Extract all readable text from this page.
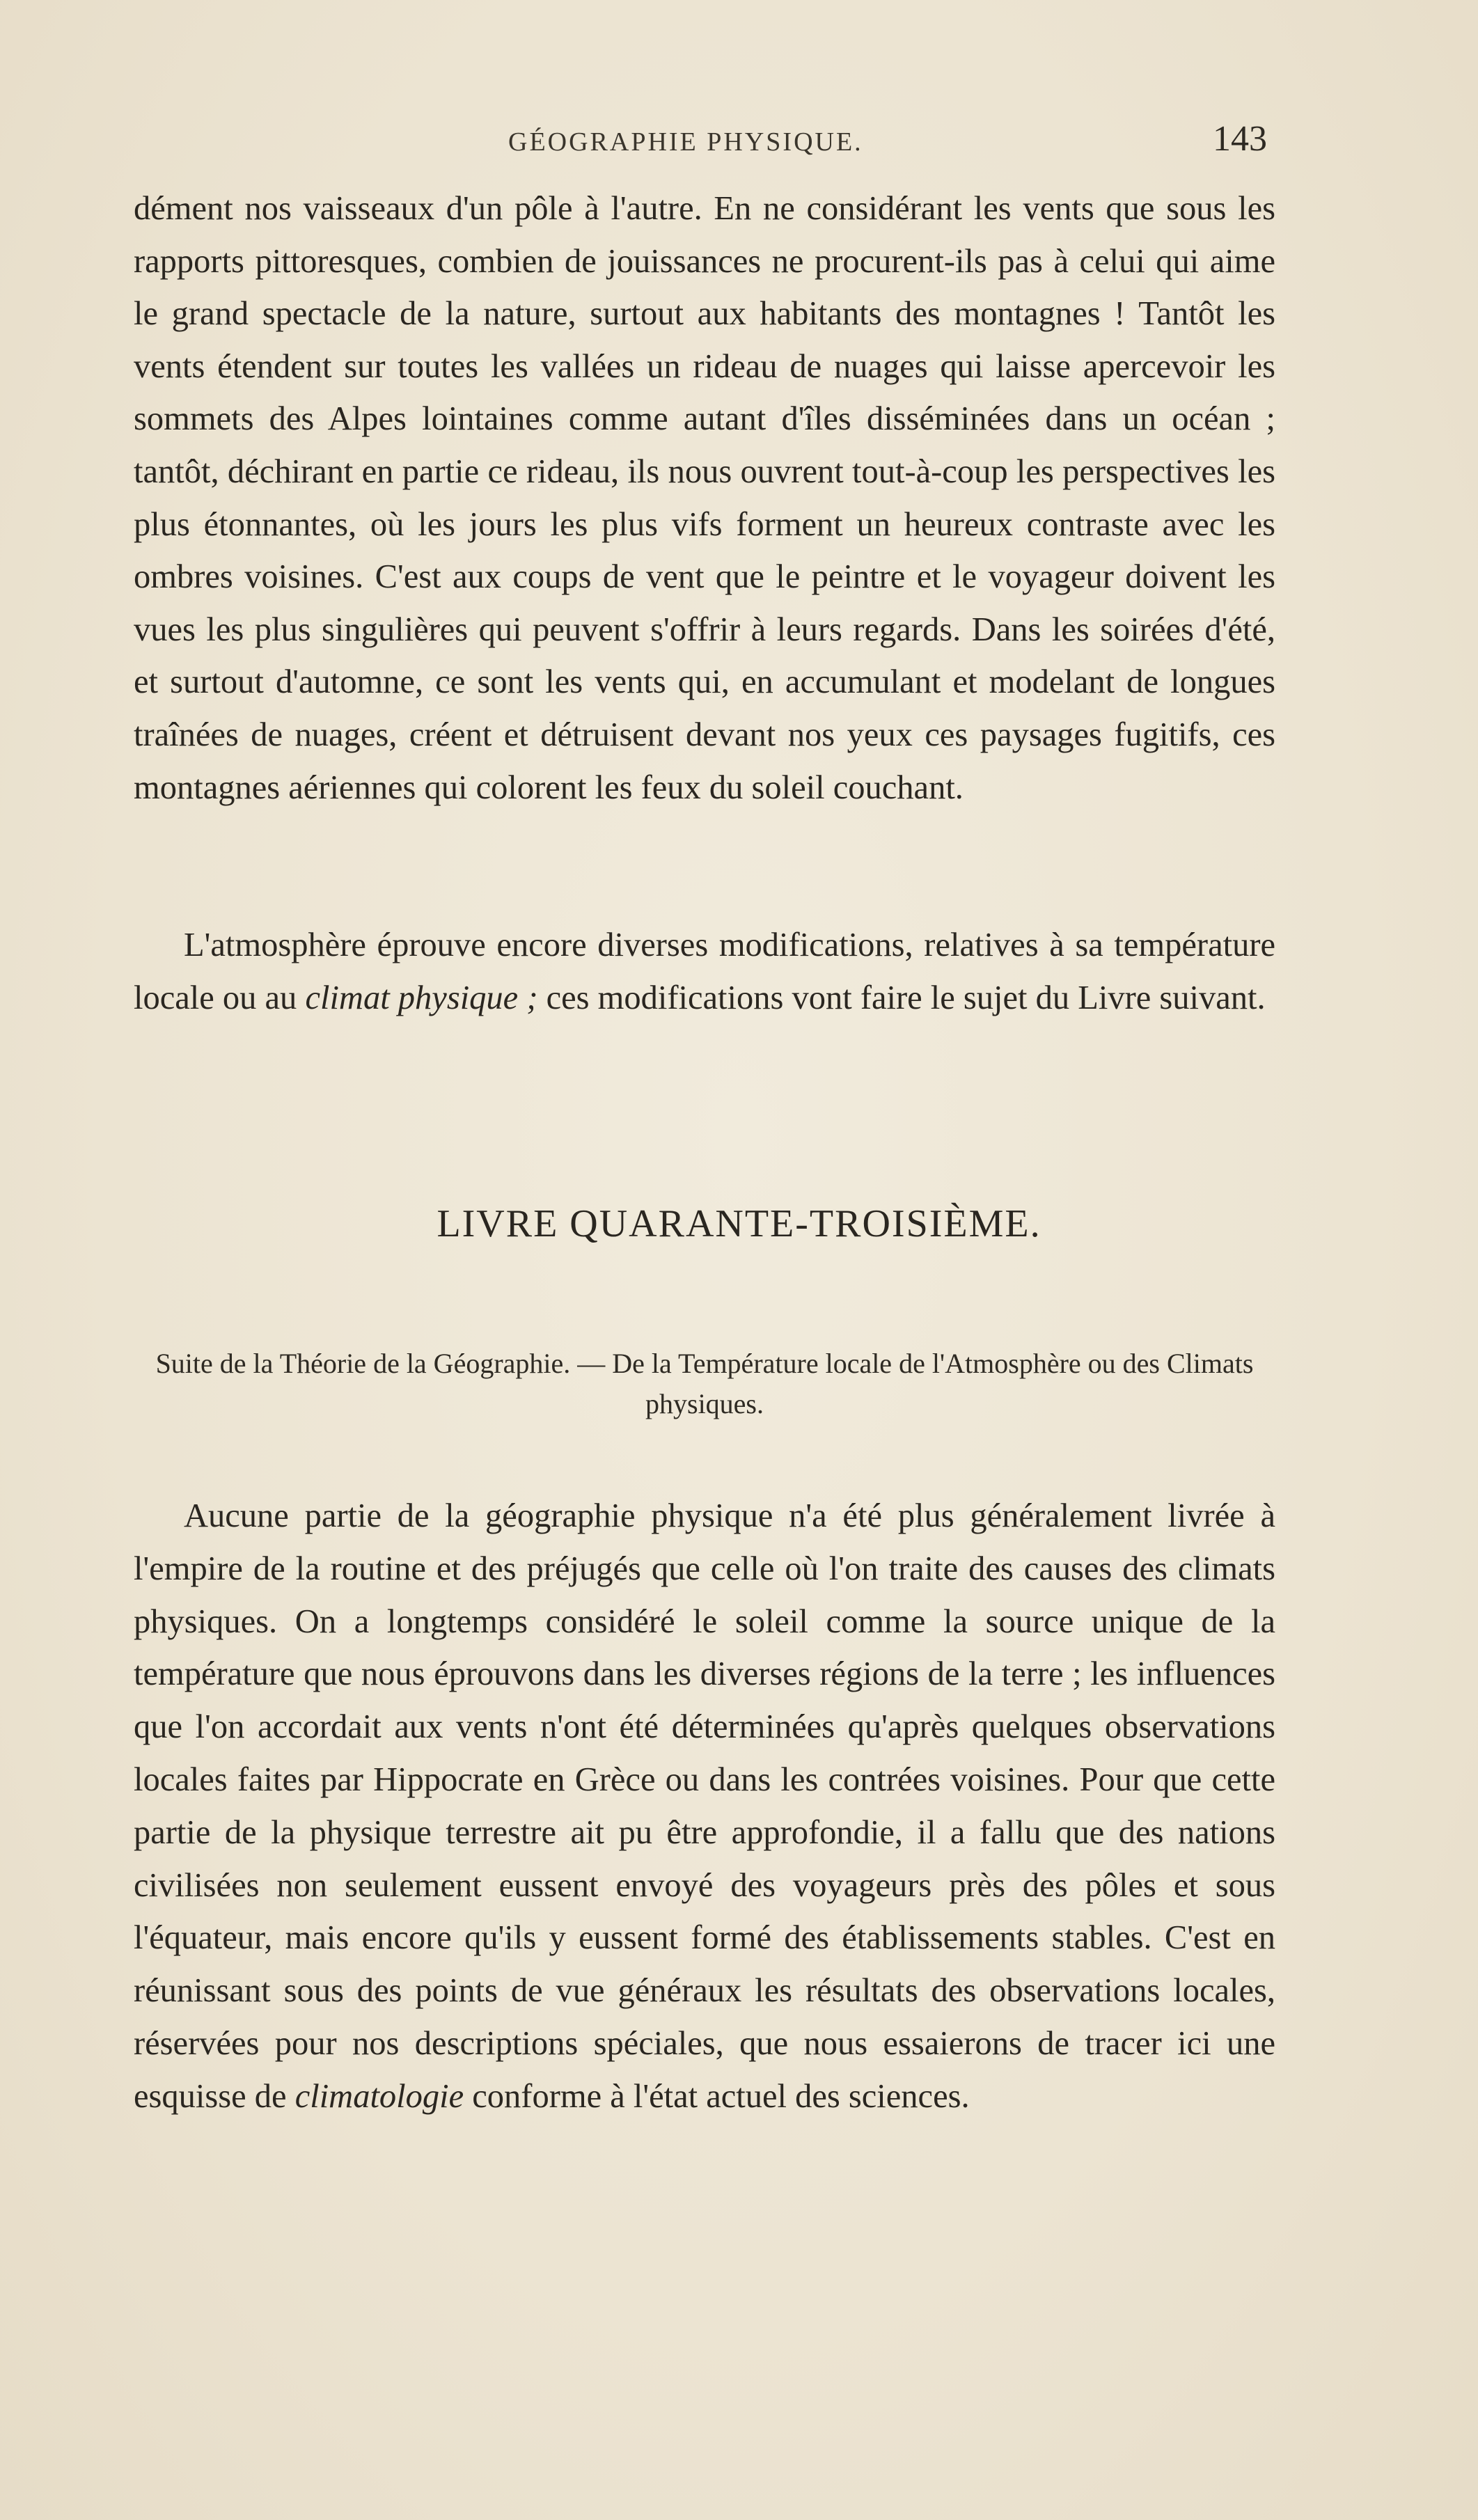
GÉOGRAPHIE PHYSIQUE.	143

dément nos vaisseaux d'un pôle à l'autre. En ne considérant les vents que sous les rapports pittoresques, combien de jouissances ne procurent-ils pas à celui qui aime le grand spectacle de la nature, surtout aux habitants des montagnes ! Tantôt les vents étendent sur toutes les vallées un rideau de nuages qui laisse apercevoir les sommets des Alpes lointaines comme autant d'îles disséminées dans un océan ; tantôt, déchirant en partie ce rideau, ils nous ouvrent tout-à-coup les perspectives les plus étonnantes, où les jours les plus vifs forment un heureux contraste avec les ombres voisines. C'est aux coups de vent que le peintre et le voyageur doivent les vues les plus singulières qui peuvent s'offrir à leurs regards. Dans les soirées d'été, et surtout d'automne, ce sont les vents qui, en accumulant et modelant de longues traînées de nuages, créent et détruisent devant nos yeux ces paysages fugitifs, ces montagnes aériennes qui colorent les feux du soleil couchant.

L'atmosphère éprouve encore diverses modifications, relatives à sa température locale ou au climat physique ; ces modifications vont faire le sujet du Livre suivant.

LIVRE QUARANTE-TROISIÈME.
Suite de la Théorie de la Géographie. — De la Température locale de l'Atmosphère ou des Climats physiques.

Aucune partie de la géographie physique n'a été plus généralement livrée à l'empire de la routine et des préjugés que celle où l'on traite des causes des climats physiques. On a longtemps considéré le soleil comme la source unique de la température que nous éprouvons dans les diverses régions de la terre ; les influences que l'on accordait aux vents n'ont été déterminées qu'après quelques observations locales faites par Hippocrate en Grèce ou dans les contrées voisines. Pour que cette partie de la physique terrestre ait pu être approfondie, il a fallu que des nations civilisées non seulement eussent envoyé des voyageurs près des pôles et sous l'équateur, mais encore qu'ils y eussent formé des établissements stables. C'est en réunissant sous des points de vue généraux les résultats des observations locales, réservées pour nos descriptions spéciales, que nous essaierons de tracer ici une esquisse de climatologie conforme à l'état actuel des sciences.
